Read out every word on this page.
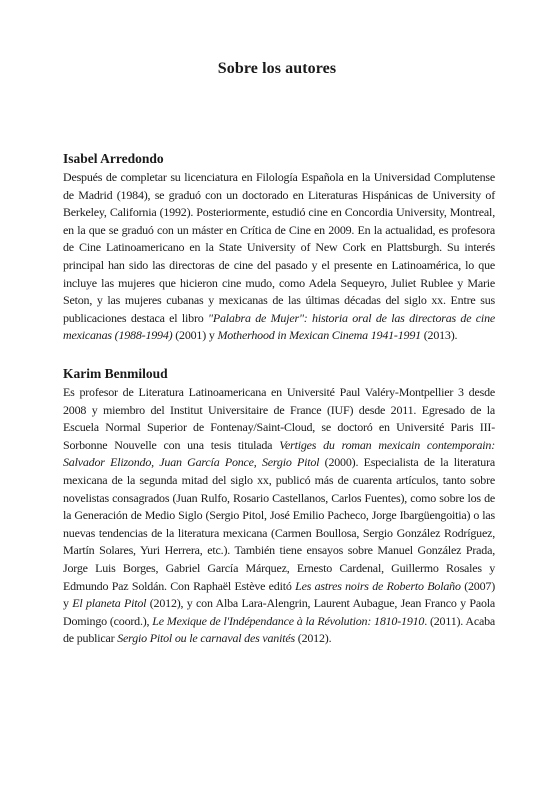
Sobre los autores
Isabel Arredondo

Después de completar su licenciatura en Filología Española en la Universidad Complutense de Madrid (1984), se graduó con un doctorado en Literaturas Hispánicas de University of Berkeley, California (1992). Posteriormente, estudió cine en Concordia University, Montreal, en la que se graduó con un máster en Crítica de Cine en 2009. En la actualidad, es profesora de Cine Latinoamericano en la State University of New Cork en Plattsburgh. Su interés principal han sido las directoras de cine del pasado y el presente en Latinoamérica, lo que incluye las mujeres que hicieron cine mudo, como Adela Sequeyro, Juliet Rublee y Marie Seton, y las mujeres cubanas y mexicanas de las últimas décadas del siglo xx. Entre sus publicaciones destaca el libro "Palabra de Mujer": historia oral de las directoras de cine mexicanas (1988-1994) (2001) y Motherhood in Mexican Cinema 1941-1991 (2013).

Karim Benmiloud

Es profesor de Literatura Latinoamericana en Université Paul Valéry-Montpellier 3 desde 2008 y miembro del Institut Universitaire de France (IUF) desde 2011. Egresado de la Escuela Normal Superior de Fontenay/Saint-Cloud, se doctoró en Université Paris III-Sorbonne Nouvelle con una tesis titulada Vertiges du roman mexicain contemporain: Salvador Elizondo, Juan García Ponce, Sergio Pitol (2000). Especialista de la literatura mexicana de la segunda mitad del siglo xx, publicó más de cuarenta artículos, tanto sobre novelistas consagrados (Juan Rulfo, Rosario Castellanos, Carlos Fuentes), como sobre los de la Generación de Medio Siglo (Sergio Pitol, José Emilio Pacheco, Jorge Ibargüengoitia) o las nuevas tendencias de la literatura mexicana (Carmen Boullosa, Sergio González Rodríguez, Martín Solares, Yuri Herrera, etc.). También tiene ensayos sobre Manuel González Prada, Jorge Luis Borges, Gabriel García Márquez, Ernesto Cardenal, Guillermo Rosales y Edmundo Paz Soldán. Con Raphaël Estève editó Les astres noirs de Roberto Bolaño (2007) y El planeta Pitol (2012), y con Alba Lara-Alengrin, Laurent Aubague, Jean Franco y Paola Domingo (coord.), Le Mexique de l'Indépendance à la Révolution: 1810-1910. (2011). Acaba de publicar Sergio Pitol ou le carnaval des vanités (2012).
